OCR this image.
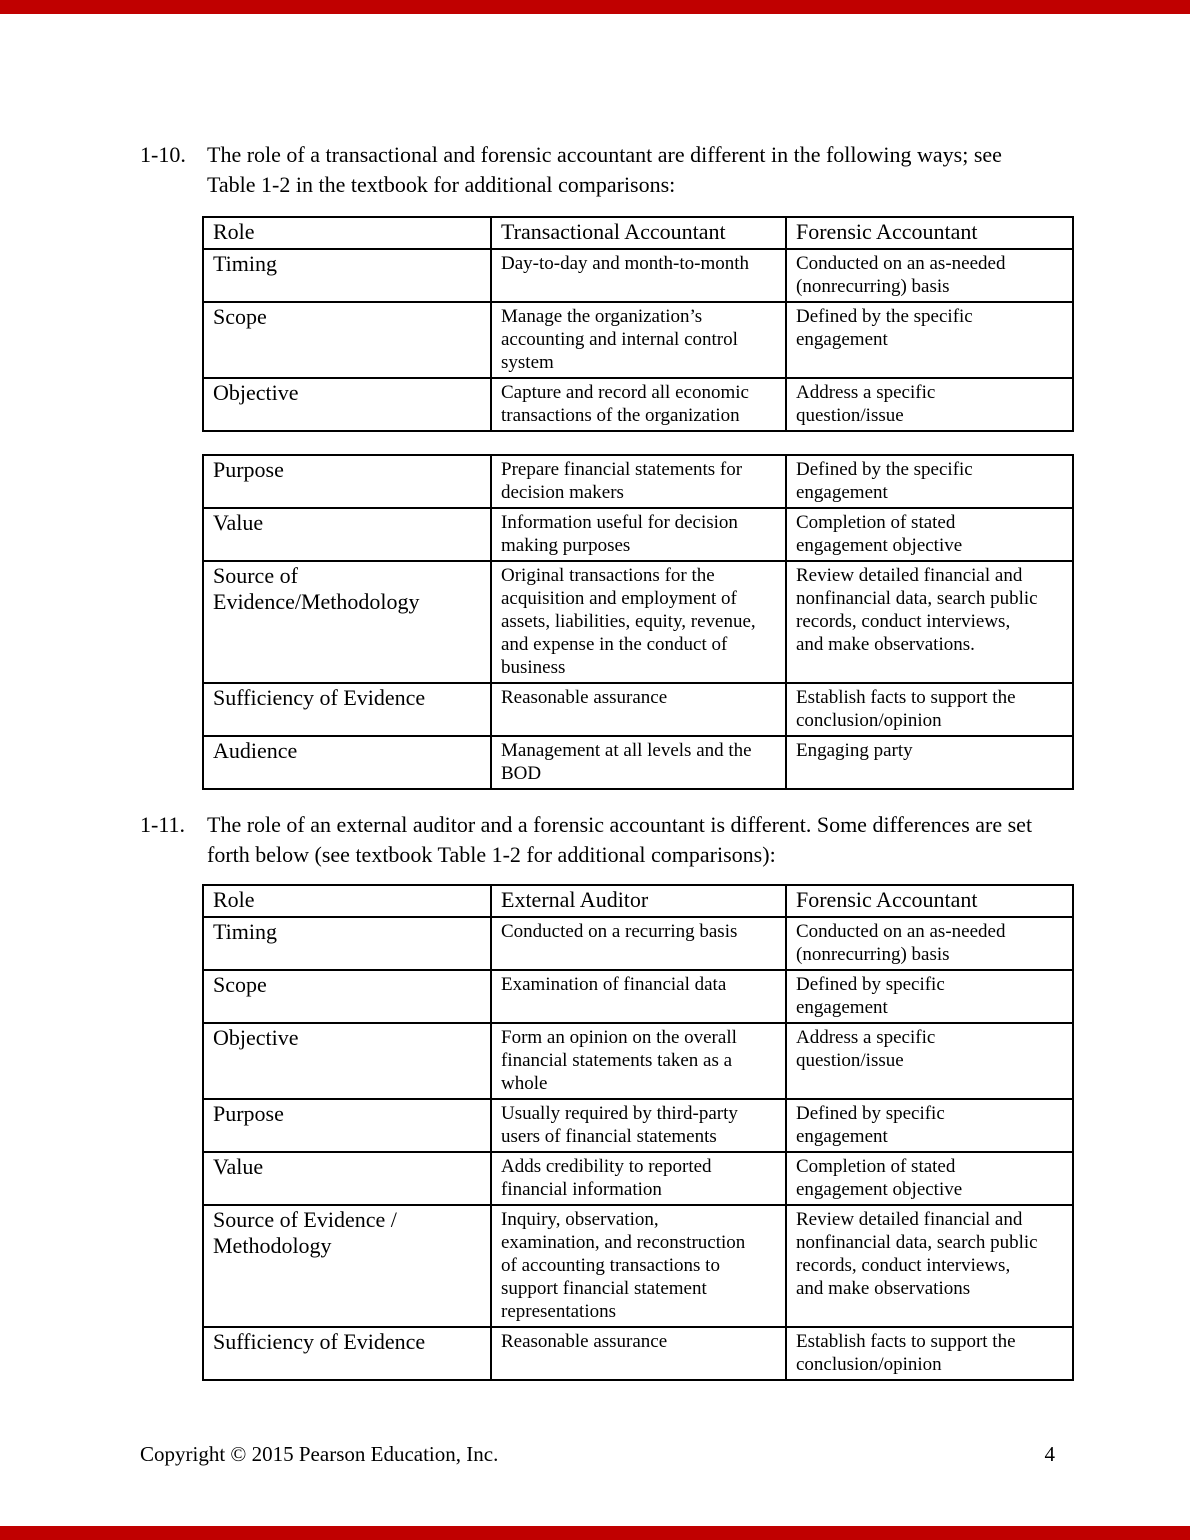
1-10. The role of a transactional and forensic accountant are different in the following ways; see Table 1-2 in the textbook for additional comparisons:
Role	Transactional Accountant	Forensic Accountant
Timing	Day-to-day and month-to-month	Conducted on an as-needed (nonrecurring) basis
Scope	Manage the organization’s accounting and internal control system	Defined by the specific engagement
Objective	Capture and record all economic transactions of the organization	Address a specific question/issue
Purpose	Prepare financial statements for decision makers	Defined by the specific engagement
Value	Information useful for decision making purposes	Completion of stated engagement objective
Source of Evidence/Methodology	Original transactions for the acquisition and employment of assets, liabilities, equity, revenue, and expense in the conduct of business	Review detailed financial and nonfinancial data, search public records, conduct interviews, and make observations.
Sufficiency of Evidence	Reasonable assurance	Establish facts to support the conclusion/opinion
Audience	Management at all levels and the BOD	Engaging party
1-11. The role of an external auditor and a forensic accountant is different. Some differences are set forth below (see textbook Table 1-2 for additional comparisons):
Role	External Auditor	Forensic Accountant
Timing	Conducted on a recurring basis	Conducted on an as-needed (nonrecurring) basis
Scope	Examination of financial data	Defined by specific engagement
Objective	Form an opinion on the overall financial statements taken as a whole	Address a specific question/issue
Purpose	Usually required by third-party users of financial statements	Defined by specific engagement
Value	Adds credibility to reported financial information	Completion of stated engagement objective
Source of Evidence / Methodology	Inquiry, observation, examination, and reconstruction of accounting transactions to support financial statement representations	Review detailed financial and nonfinancial data, search public records, conduct interviews, and make observations
Sufficiency of Evidence	Reasonable assurance	Establish facts to support the conclusion/opinion
Copyright © 2015 Pearson Education, Inc.	4
